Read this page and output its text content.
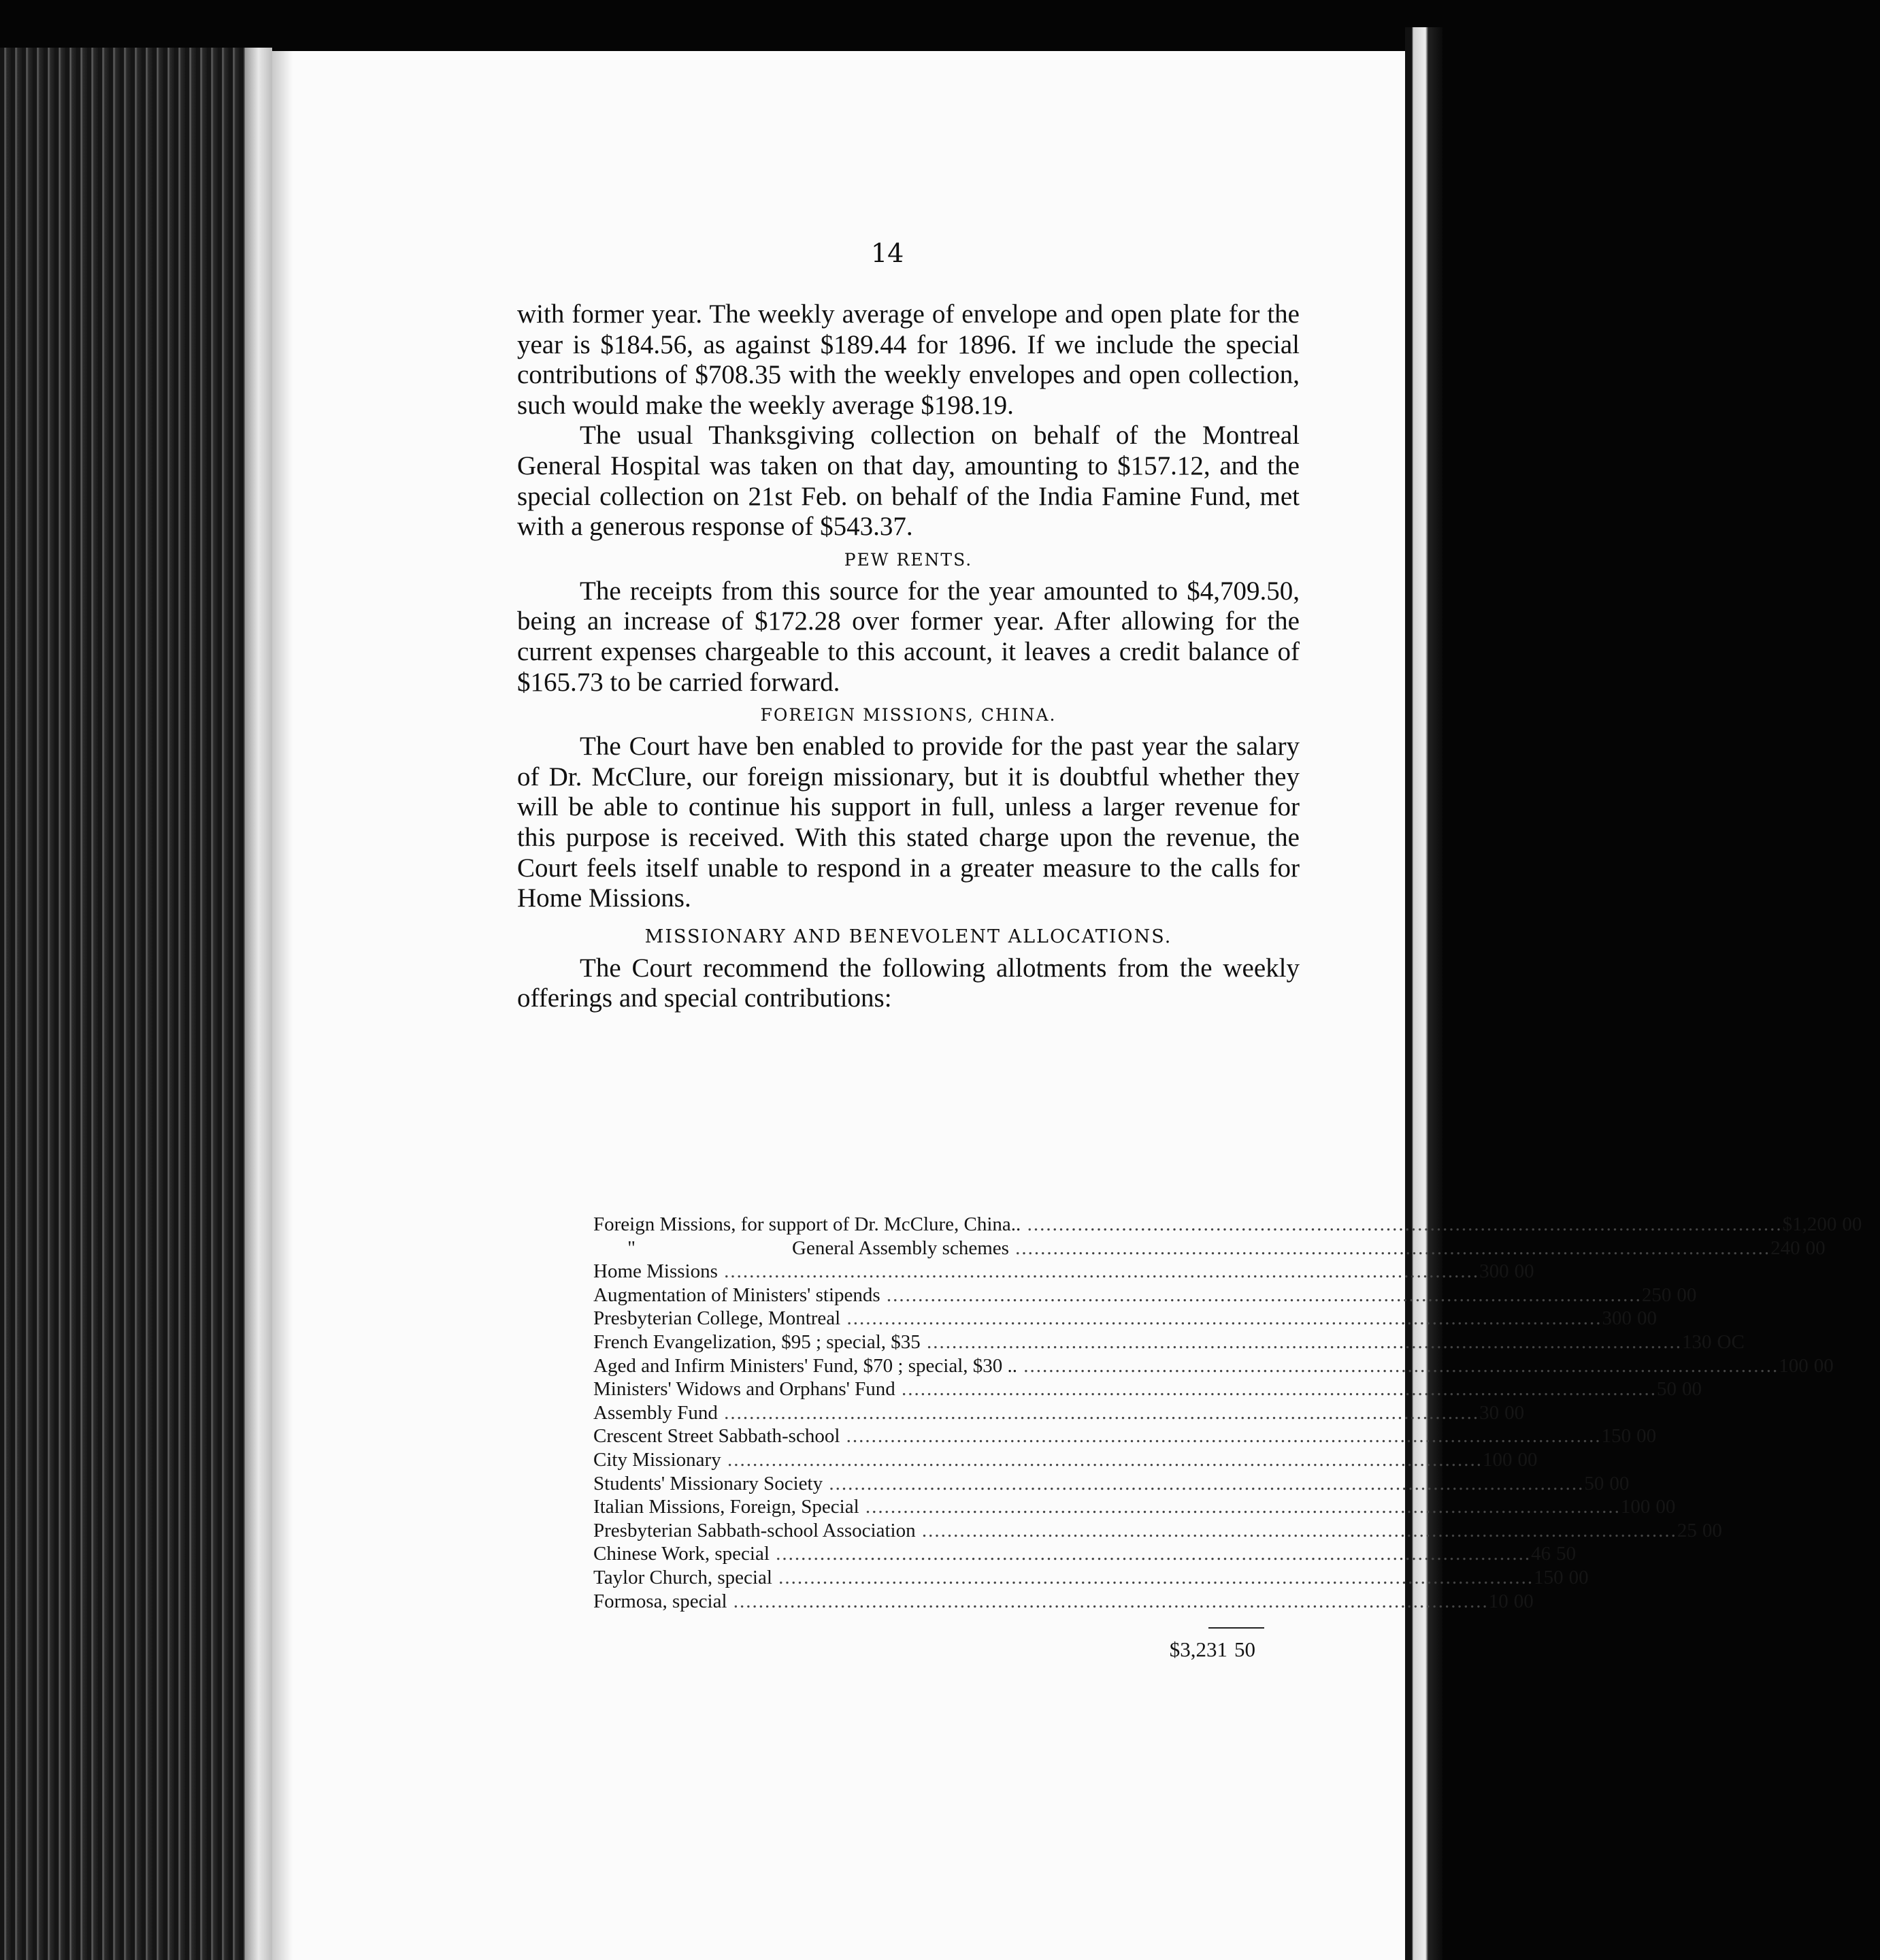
14

with former year. The weekly average of envelope and open plate for the year is $184.56, as against $189.44 for 1896. If we include the special contributions of $708.35 with the weekly envelopes and open collection, such would make the weekly average $198.19.

The usual Thanksgiving collection on behalf of the Montreal General Hospital was taken on that day, amounting to $157.12, and the special collection on 21st Feb. on behalf of the India Famine Fund, met with a generous response of $543.37.

PEW RENTS.

The receipts from this source for the year amounted to $4,709.50, being an increase of $172.28 over former year. After allowing for the current expenses chargeable to this account, it leaves a credit balance of $165.73 to be carried forward.

FOREIGN MISSIONS, CHINA.

The Court have ben enabled to provide for the past year the salary of Dr. McClure, our foreign missionary, but it is doubtful whether they will be able to continue his support in full, unless a larger revenue for this purpose is received. With this stated charge upon the revenue, the Court feels itself unable to respond in a greater measure to the calls for Home Missions.

MISSIONARY AND BENEVOLENT ALLOCATIONS.

The Court recommend the following allotments from the weekly offerings and special contributions:

Foreign Missions, for support of Dr. McClure, China.. ........................................................................................................................ $1,200 00
"	General Assembly schemes ........................................................................................................................ 240 00
Home Missions ........................................................................................................................ 300 00
Augmentation of Ministers' stipends ........................................................................................................................ 250 00
Presbyterian College, Montreal ........................................................................................................................ 300 00
French Evangelization, $95 ; special, $35 ........................................................................................................................ 130 OC
Aged and Infirm Ministers' Fund, $70 ; special, $30 .. ........................................................................................................................ 100 00
Ministers' Widows and Orphans' Fund ........................................................................................................................ 50 00
Assembly Fund ........................................................................................................................ 30 00
Crescent Street Sabbath-school ........................................................................................................................ 150 00
City Missionary ........................................................................................................................ 100 00
Students' Missionary Society ........................................................................................................................ 50 00
Italian Missions, Foreign, Special ........................................................................................................................ 100 00
Presbyterian Sabbath-school Association ........................................................................................................................ 25 00
Chinese Work, special ........................................................................................................................ 46 50
Taylor Church, special ........................................................................................................................ 150 00
Formosa, special ........................................................................................................................ 10 00
$3,231 50
